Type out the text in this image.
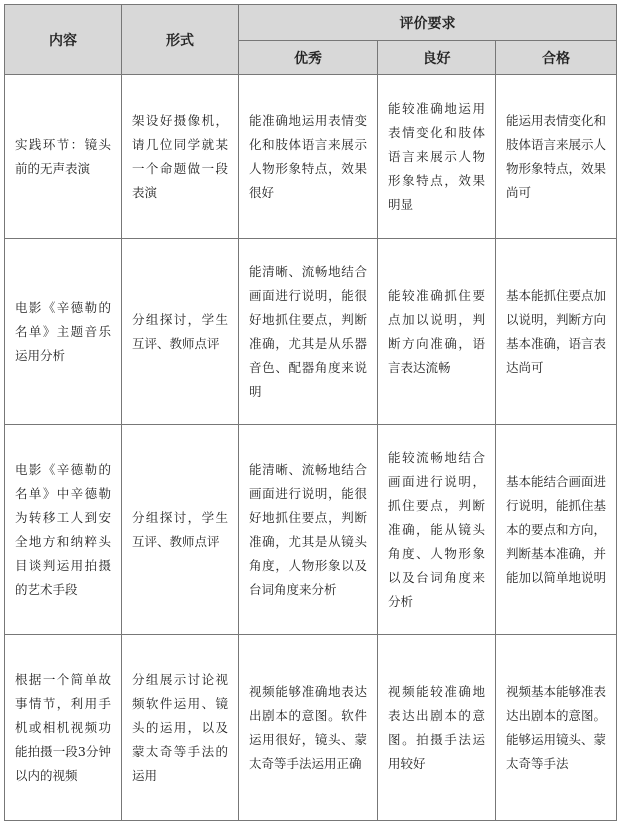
内容	形式	评价要求		
		优秀	良好	合格
实践环节：镜头前的无声表演	架设好摄像机，请几位同学就某一个命题做一段表演	能准确地运用表情变化和肢体语言来展示人物形象特点，效果很好	能较准确地运用表情变化和肢体语言来展示人物形象特点，效果明显	能运用表情变化和肢体语言来展示人物形象特点，效果尚可
电影《辛德勒的名单》主题音乐运用分析	分组探讨，学生互评、教师点评	能清晰、流畅地结合画面进行说明，能很好地抓住要点，判断准确，尤其是从乐器音色、配器角度来说明	能较准确抓住要点加以说明，判断方向准确，语言表达流畅	基本能抓住要点加以说明，判断方向基本准确，语言表达尚可
电影《辛德勒的名单》中辛德勒为转移工人到安全地方和纳粹头目谈判运用拍摄的艺术手段	分组探讨，学生互评、教师点评	能清晰、流畅地结合画面进行说明，能很好地抓住要点，判断准确，尤其是从镜头角度，人物形象以及台词角度来分析	能较流畅地结合画面进行说明，抓住要点，判断准确，能从镜头角度、人物形象以及台词角度来分析	基本能结合画面进行说明，能抓住基本的要点和方向，判断基本准确，并能加以简单地说明
根据一个简单故事情节，利用手机或相机视频功能拍摄一段3分钟以内的视频	分组展示讨论视频软件运用、镜头的运用，以及蒙太奇等手法的运用	视频能够准确地表达出剧本的意图。软件运用很好，镜头、蒙太奇等手法运用正确	视频能较准确地表达出剧本的意图。拍摄手法运用较好	视频基本能够准表达出剧本的意图。能够运用镜头、蒙太奇等手法
